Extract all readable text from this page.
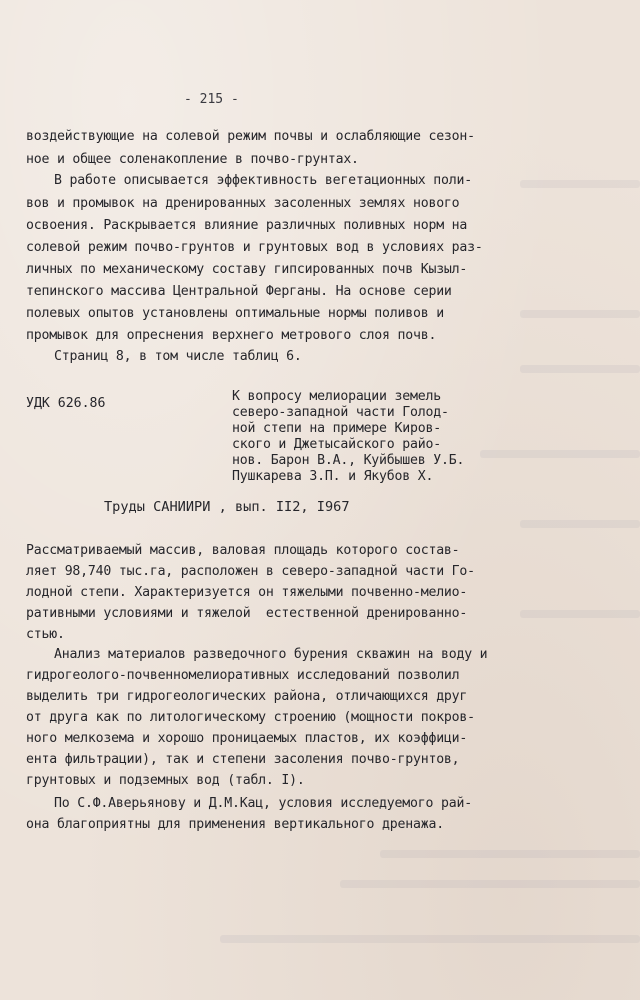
- 215 -
воздействующие на солевой режим почвы и ослабляющие сезон-
ное и общее соленакопление в почво-грунтах.
В работе описывается эффективность вегетационных поли-
вов и промывок на дренированных засоленных землях нового
освоения. Раскрывается влияние различных поливных норм на
солевой режим почво-грунтов и грунтовых вод в условиях раз-
личных по механическому составу гипсированных почв Кызыл-
тепинского массива Центральной Ферганы. На основе серии
полевых опытов установлены оптимальные нормы поливов и
промывок для опреснения верхнего метрового слоя почв.
Страниц 8, в том числе таблиц 6.
УДК 626.86	К вопросу мелиорации земель
северо-западной части Голод-
ной степи на примере Киров-
ского и Джетысайского райо-
нов. Барон В.А., Куйбышев У.Б.
Пушкарева З.П. и Якубов Х.
Труды САНИИРИ , вып. II2, I967
Рассматриваемый массив, валовая площадь которого состав-
ляет 98,740 тыс.га, расположен в северо-западной части Го-
лодной степи. Характеризуется он тяжелыми почвенно-мелио-
ративными условиями и тяжелой  естественной дренированно-
стью.
Анализ материалов разведочного бурения скважин на воду и
гидрогеолого-почвенномелиоративных исследований позволил
выделить три гидрогеологических района, отличающихся друг
от друга как по литологическому строению (мощности покров-
ного мелкозема и хорошо проницаемых пластов, их коэффици-
ента фильтрации), так и степени засоления почво-грунтов,
грунтовых и подземных вод (табл. I).
По С.Ф.Аверьянову и Д.М.Кац, условия исследуемого рай-
она благоприятны для применения вертикального дренажа.
